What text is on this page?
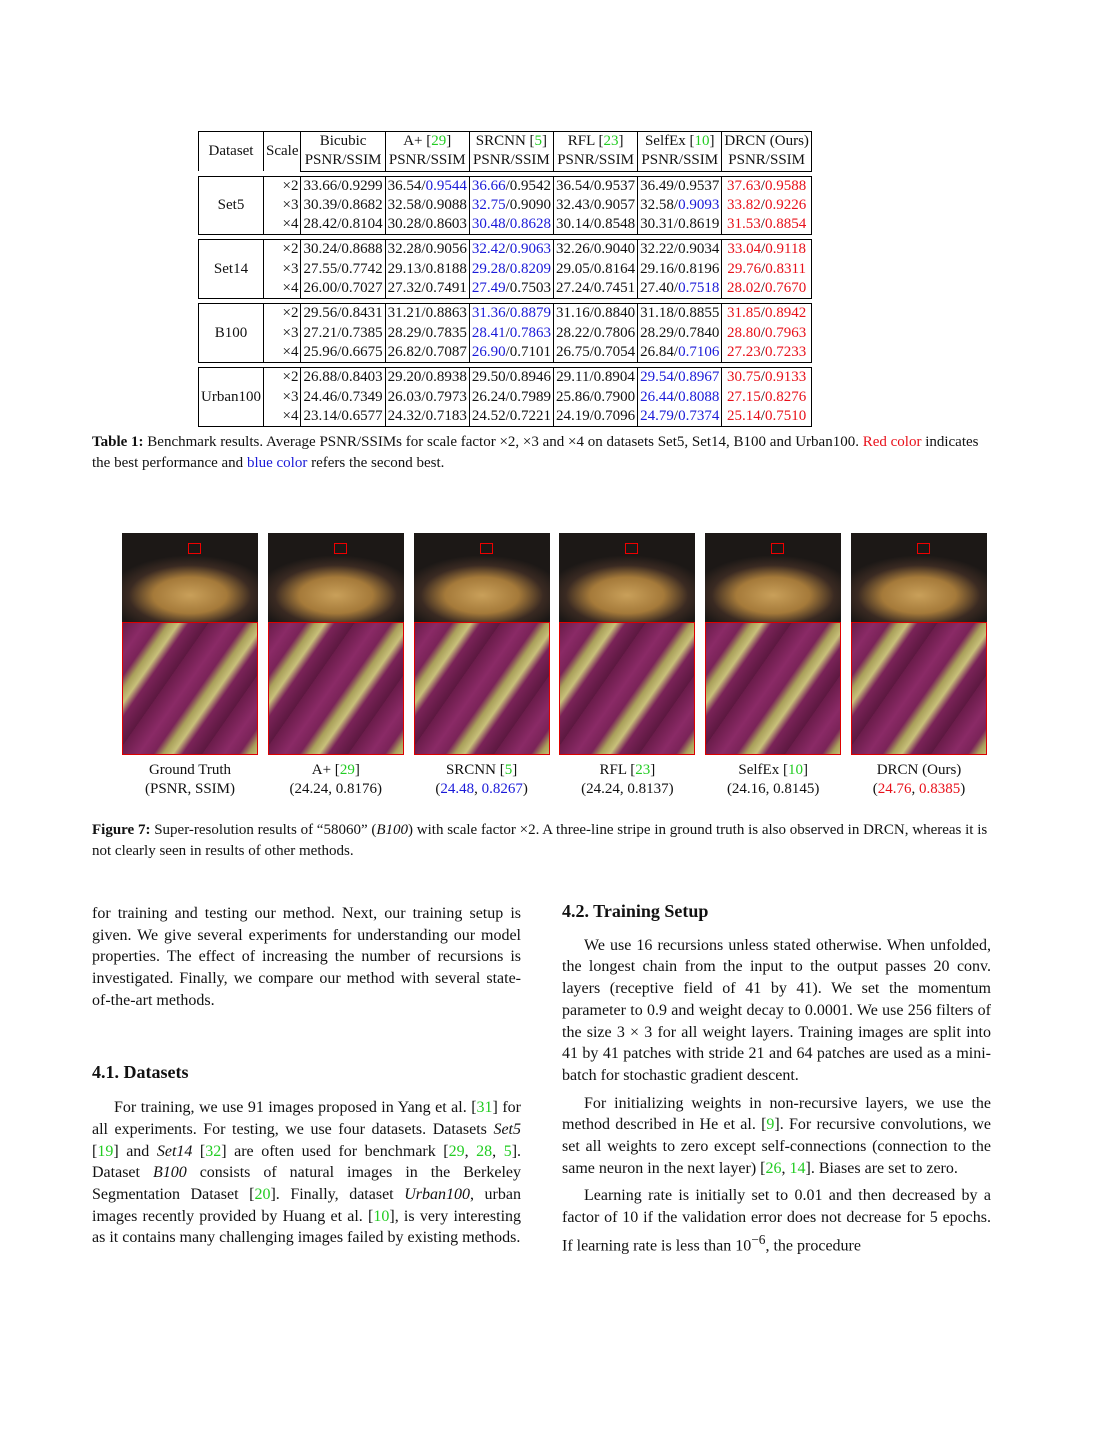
Dataset	Scale	Bicubic	A+ [29]	SRCNN [5]	RFL [23]	SelfEx [10]	DRCN (Ours)
		PSNR/SSIM	PSNR/SSIM	PSNR/SSIM	PSNR/SSIM	PSNR/SSIM	PSNR/SSIM

Set5	×2	33.66/0.9299	36.54/0.9544	36.66/0.9542	36.54/0.9537	36.49/0.9537	37.63/0.9588
	×3	30.39/0.8682	32.58/0.9088	32.75/0.9090	32.43/0.9057	32.58/0.9093	33.82/0.9226
	×4	28.42/0.8104	30.28/0.8603	30.48/0.8628	30.14/0.8548	30.31/0.8619	31.53/0.8854

Set14	×2	30.24/0.8688	32.28/0.9056	32.42/0.9063	32.26/0.9040	32.22/0.9034	33.04/0.9118
	×3	27.55/0.7742	29.13/0.8188	29.28/0.8209	29.05/0.8164	29.16/0.8196	29.76/0.8311
	×4	26.00/0.7027	27.32/0.7491	27.49/0.7503	27.24/0.7451	27.40/0.7518	28.02/0.7670

B100	×2	29.56/0.8431	31.21/0.8863	31.36/0.8879	31.16/0.8840	31.18/0.8855	31.85/0.8942
	×3	27.21/0.7385	28.29/0.7835	28.41/0.7863	28.22/0.7806	28.29/0.7840	28.80/0.7963
	×4	25.96/0.6675	26.82/0.7087	26.90/0.7101	26.75/0.7054	26.84/0.7106	27.23/0.7233

Urban100	×2	26.88/0.8403	29.20/0.8938	29.50/0.8946	29.11/0.8904	29.54/0.8967	30.75/0.9133
	×3	24.46/0.7349	26.03/0.7973	26.24/0.7989	25.86/0.7900	26.44/0.8088	27.15/0.8276
	×4	23.14/0.6577	24.32/0.7183	24.52/0.7221	24.19/0.7096	24.79/0.7374	25.14/0.7510
Table 1: Benchmark results. Average PSNR/SSIMs for scale factor ×2, ×3 and ×4 on datasets Set5, Set14, B100 and Urban100. Red color indicates the best performance and blue color refers the second best.
Ground Truth
(PSNR, SSIM)
A+ [29]
(24.24, 0.8176)
SRCNN [5]
(24.48, 0.8267)
RFL [23]
(24.24, 0.8137)
SelfEx [10]
(24.16, 0.8145)
DRCN (Ours)
(24.76, 0.8385)
Figure 7: Super-resolution results of “58060” (B100) with scale factor ×2. A three-line stripe in ground truth is also observed in DRCN, whereas it is not clearly seen in results of other methods.

for training and testing our method. Next, our training setup is given. We give several experiments for understanding our model properties. The effect of increasing the number of recursions is investigated. Finally, we compare our method with several state-of-the-art methods.

4.1. Datasets

For training, we use 91 images proposed in Yang et al. [31] for all experiments. For testing, we use four datasets. Datasets Set5 [19] and Set14 [32] are often used for benchmark [29, 28, 5]. Dataset B100 consists of natural images in the Berkeley Segmentation Dataset [20]. Finally, dataset Urban100, urban images recently provided by Huang et al. [10], is very interesting as it contains many challenging images failed by existing methods.

4.2. Training Setup

We use 16 recursions unless stated otherwise. When unfolded, the longest chain from the input to the output passes 20 conv. layers (receptive field of 41 by 41). We set the momentum parameter to 0.9 and weight decay to 0.0001. We use 256 filters of the size 3 × 3 for all weight layers. Training images are split into 41 by 41 patches with stride 21 and 64 patches are used as a mini-batch for stochastic gradient descent.

For initializing weights in non-recursive layers, we use the method described in He et al. [9]. For recursive convolutions, we set all weights to zero except self-connections (connection to the same neuron in the next layer) [26, 14]. Biases are set to zero.

Learning rate is initially set to 0.01 and then decreased by a factor of 10 if the validation error does not decrease for 5 epochs. If learning rate is less than $10^{-6}$, the procedure
